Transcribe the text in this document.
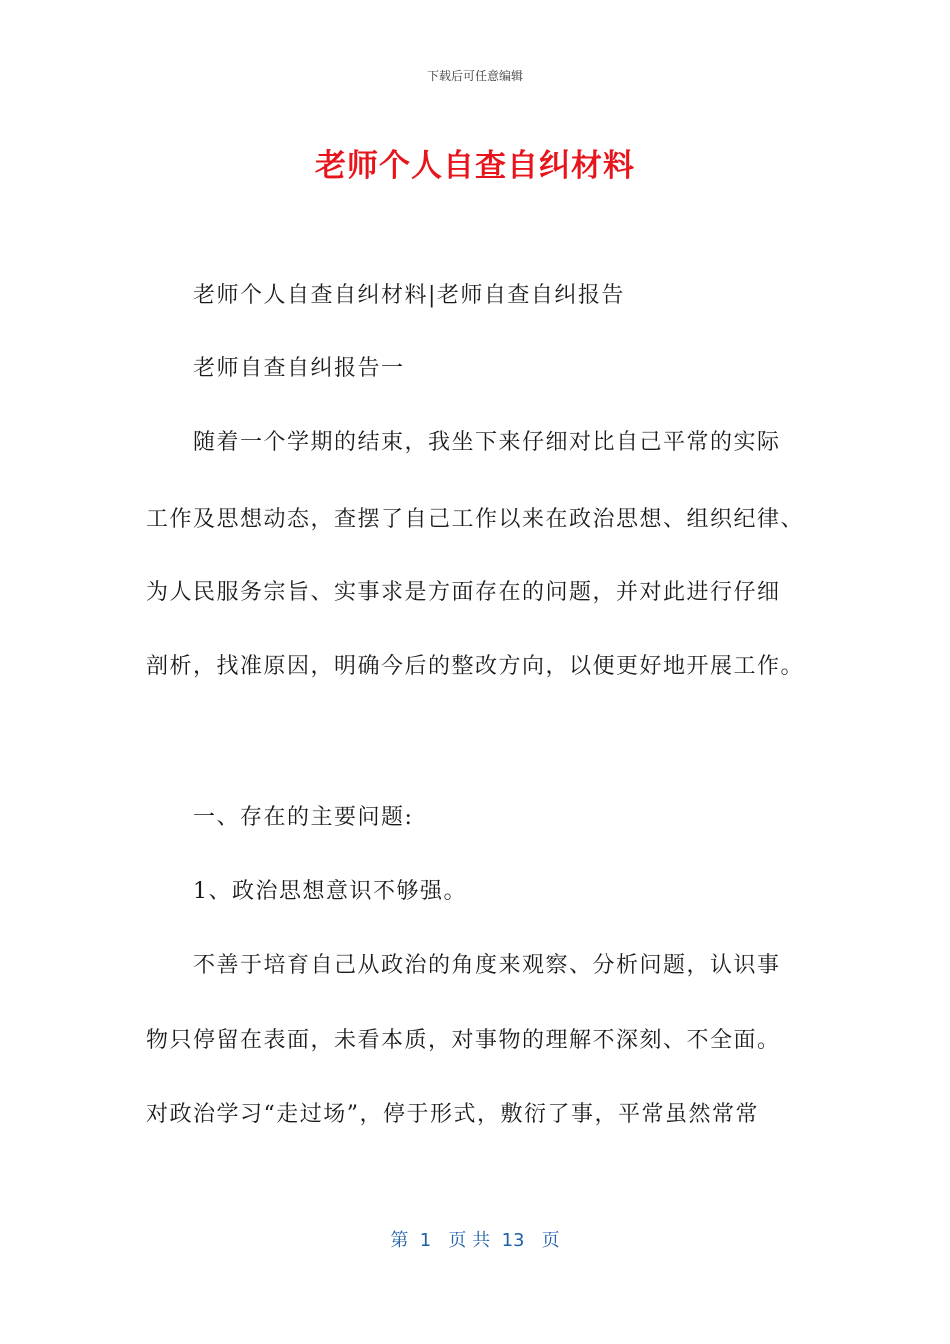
下载后可任意编辑
老师个人自查自纠材料
老师个人自查自纠材料|老师自查自纠报告
老师自查自纠报告一
随着一个学期的结束，我坐下来仔细对比自己平常的实际
工作及思想动态，查摆了自己工作以来在政治思想、组织纪律、
为人民服务宗旨、实事求是方面存在的问题，并对此进行仔细
剖析，找准原因，明确今后的整改方向，以便更好地开展工作。
一、存在的主要问题:
1、政治思想意识不够强。
不善于培育自己从政治的角度来观察、分析问题，认识事
物只停留在表面，未看本质，对事物的理解不深刻、不全面。
对政治学习“走过场”，停于形式，敷衍了事，平常虽然常常
第  1   页 共  13   页
